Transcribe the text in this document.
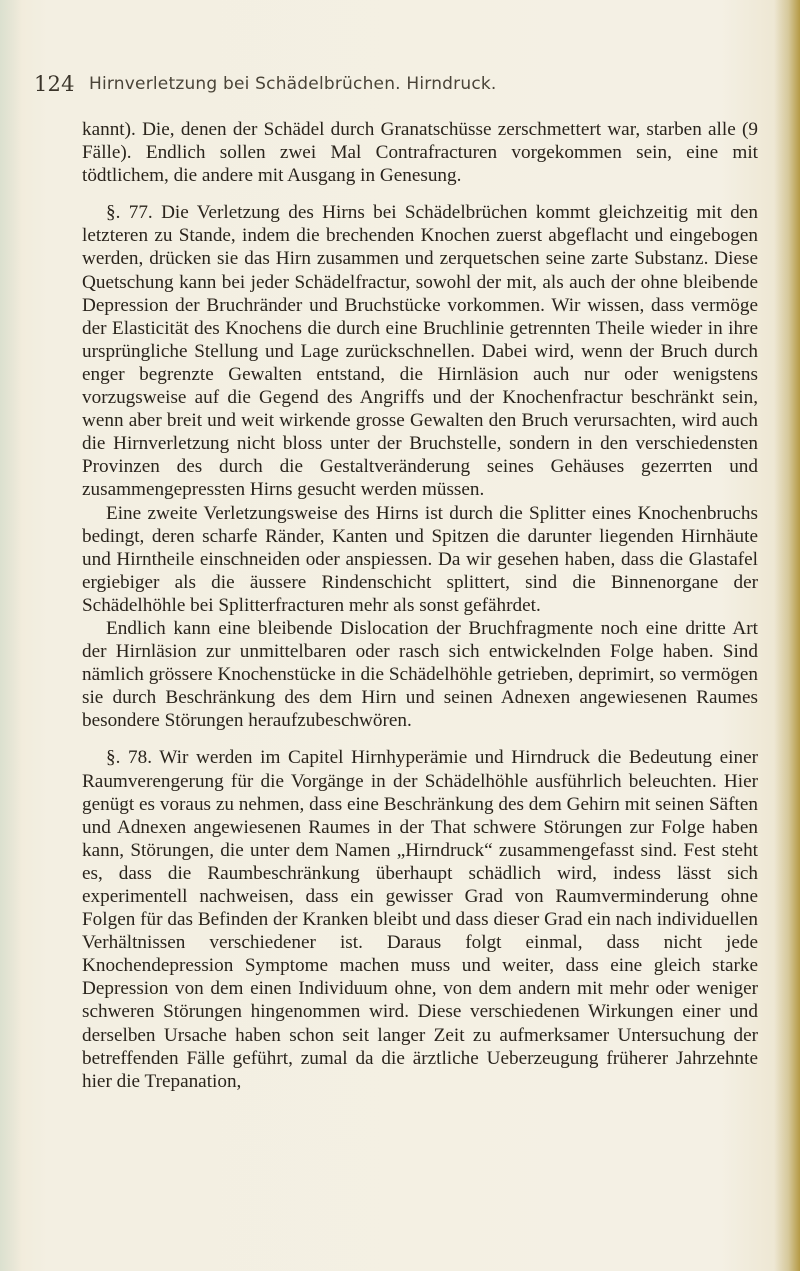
124 Hirnverletzung bei Schädelbrüchen. Hirndruck.

kannt). Die, denen der Schädel durch Granatschüsse zerschmettert war, starben alle (9 Fälle). Endlich sollen zwei Mal Contrafracturen vorgekommen sein, eine mit tödtlichem, die andere mit Ausgang in Genesung.

§. 77. Die Verletzung des Hirns bei Schädelbrüchen kommt gleichzeitig mit den letzteren zu Stande, indem die brechenden Knochen zuerst abgeflacht und eingebogen werden, drücken sie das Hirn zusammen und zerquetschen seine zarte Substanz. Diese Quetschung kann bei jeder Schädelfractur, sowohl der mit, als auch der ohne bleibende Depression der Bruchränder und Bruchstücke vorkommen. Wir wissen, dass vermöge der Elasticität des Knochens die durch eine Bruchlinie getrennten Theile wieder in ihre ursprüngliche Stellung und Lage zurückschnellen. Dabei wird, wenn der Bruch durch enger begrenzte Gewalten entstand, die Hirnläsion auch nur oder wenigstens vorzugsweise auf die Gegend des Angriffs und der Knochenfractur beschränkt sein, wenn aber breit und weit wirkende grosse Gewalten den Bruch verursachten, wird auch die Hirnverletzung nicht bloss unter der Bruchstelle, sondern in den verschiedensten Provinzen des durch die Gestaltveränderung seines Gehäuses gezerrten und zusammengepressten Hirns gesucht werden müssen.

Eine zweite Verletzungsweise des Hirns ist durch die Splitter eines Knochenbruchs bedingt, deren scharfe Ränder, Kanten und Spitzen die darunter liegenden Hirnhäute und Hirntheile einschneiden oder anspiessen. Da wir gesehen haben, dass die Glastafel ergiebiger als die äussere Rindenschicht splittert, sind die Binnenorgane der Schädelhöhle bei Splitterfracturen mehr als sonst gefährdet.

Endlich kann eine bleibende Dislocation der Bruchfragmente noch eine dritte Art der Hirnläsion zur unmittelbaren oder rasch sich entwickelnden Folge haben. Sind nämlich grössere Knochenstücke in die Schädelhöhle getrieben, deprimirt, so vermögen sie durch Beschränkung des dem Hirn und seinen Adnexen angewiesenen Raumes besondere Störungen heraufzubeschwören.

§. 78. Wir werden im Capitel Hirnhyperämie und Hirndruck die Bedeutung einer Raumverengerung für die Vorgänge in der Schädelhöhle ausführlich beleuchten. Hier genügt es voraus zu nehmen, dass eine Beschränkung des dem Gehirn mit seinen Säften und Adnexen angewiesenen Raumes in der That schwere Störungen zur Folge haben kann, Störungen, die unter dem Namen „Hirndruck“ zusammengefasst sind. Fest steht es, dass die Raumbeschränkung überhaupt schädlich wird, indess lässt sich experimentell nachweisen, dass ein gewisser Grad von Raumverminderung ohne Folgen für das Befinden der Kranken bleibt und dass dieser Grad ein nach individuellen Verhältnissen verschiedener ist. Daraus folgt einmal, dass nicht jede Knochendepression Symptome machen muss und weiter, dass eine gleich starke Depression von dem einen Individuum ohne, von dem andern mit mehr oder weniger schweren Störungen hingenommen wird. Diese verschiedenen Wirkungen einer und derselben Ursache haben schon seit langer Zeit zu aufmerksamer Untersuchung der betreffenden Fälle geführt, zumal da die ärztliche Ueberzeugung früherer Jahrzehnte hier die Trepanation,
